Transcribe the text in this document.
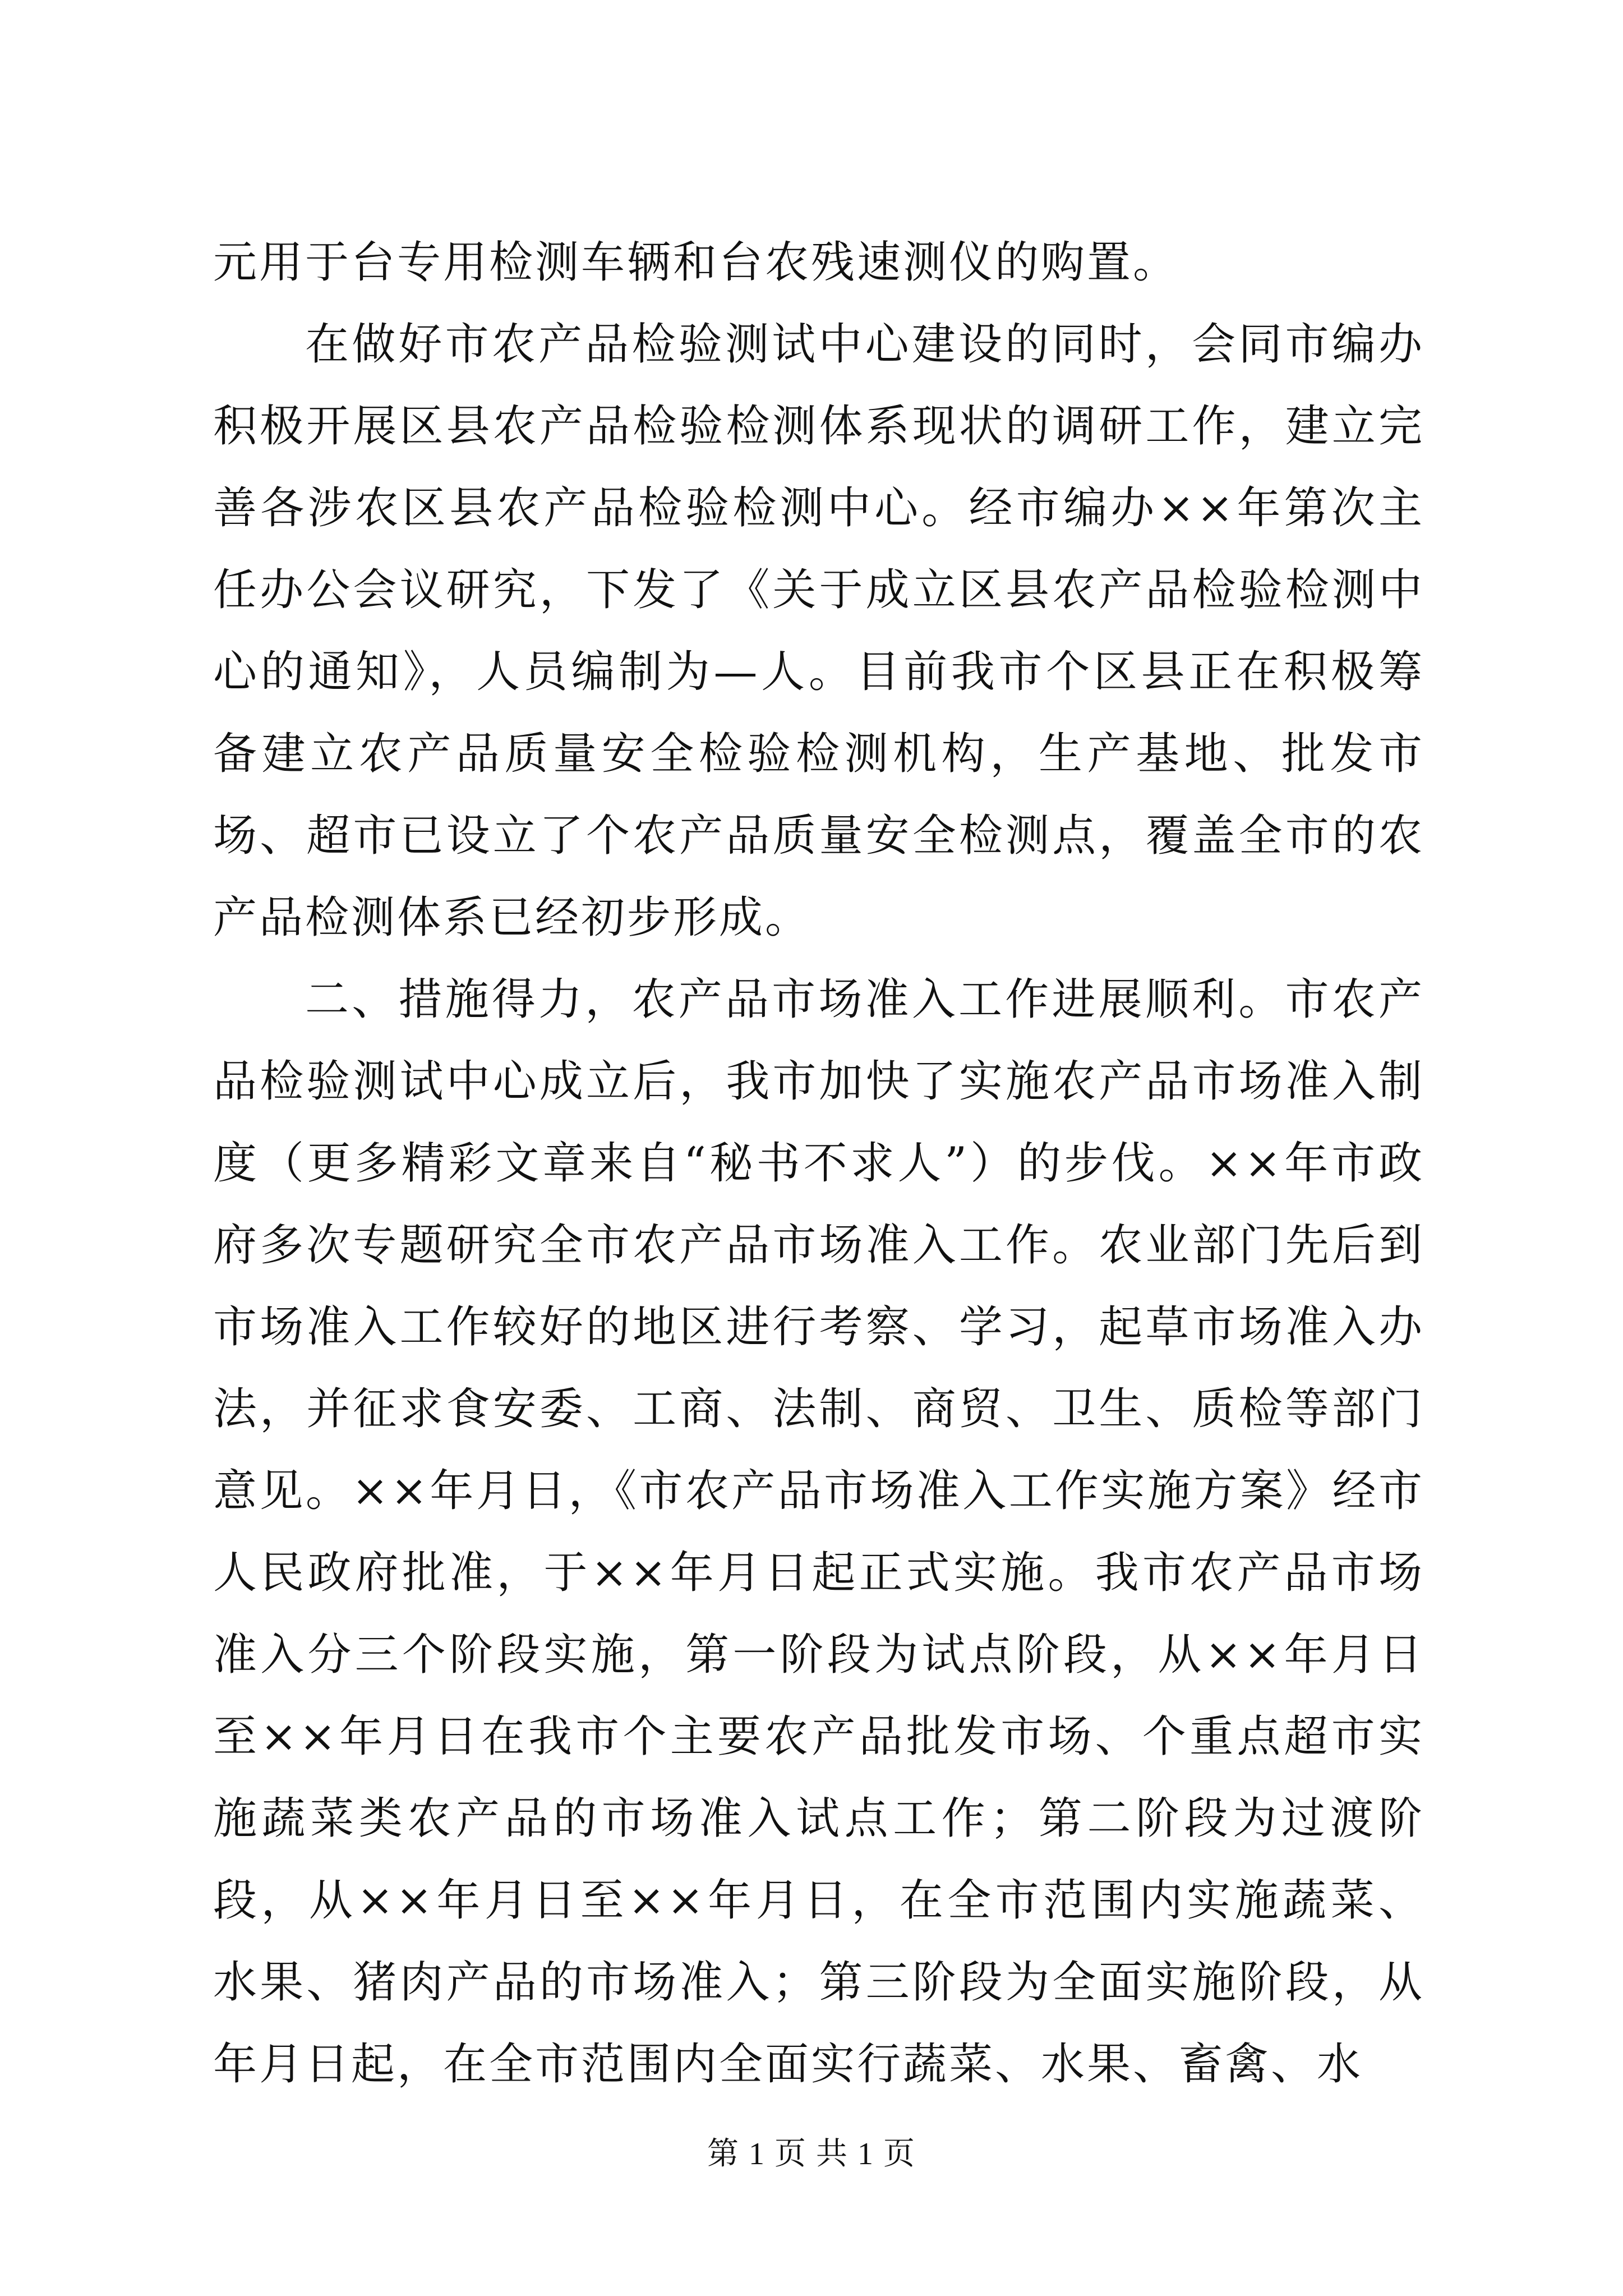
元用于台专用检测车辆和台农残速测仪的购置。

在做好市农产品检验测试中心建设的同时，会同市编办积极开展区县农产品检验检测体系现状的调研工作，建立完善各涉农区县农产品检验检测中心。经市编办××年第次主任办公会议研究，下发了《关于成立区县农产品检验检测中心的通知》，人员编制为—人。目前我市个区县正在积极筹备建立农产品质量安全检验检测机构，生产基地、批发市场、超市已设立了个农产品质量安全检测点，覆盖全市的农产品检测体系已经初步形成。

二、措施得力，农产品市场准入工作进展顺利。市农产品检验测试中心成立后，我市加快了实施农产品市场准入制度（更多精彩文章来自“秘书不求人”）的步伐。××年市政府多次专题研究全市农产品市场准入工作。农业部门先后到市场准入工作较好的地区进行考察、学习，起草市场准入办法，并征求食安委、工商、法制、商贸、卫生、质检等部门意见。××年月日，《市农产品市场准入工作实施方案》经市人民政府批准，于××年月日起正式实施。我市农产品市场准入分三个阶段实施，第一阶段为试点阶段，从××年月日至××年月日在我市个主要农产品批发市场、个重点超市实施蔬菜类农产品的市场准入试点工作；第二阶段为过渡阶段，从××年月日至××年月日，在全市范围内实施蔬菜、水果、猪肉产品的市场准入；第三阶段为全面实施阶段，从年月日起，在全市范围内全面实行蔬菜、水果、畜禽、水

第 1 页 共 1 页
